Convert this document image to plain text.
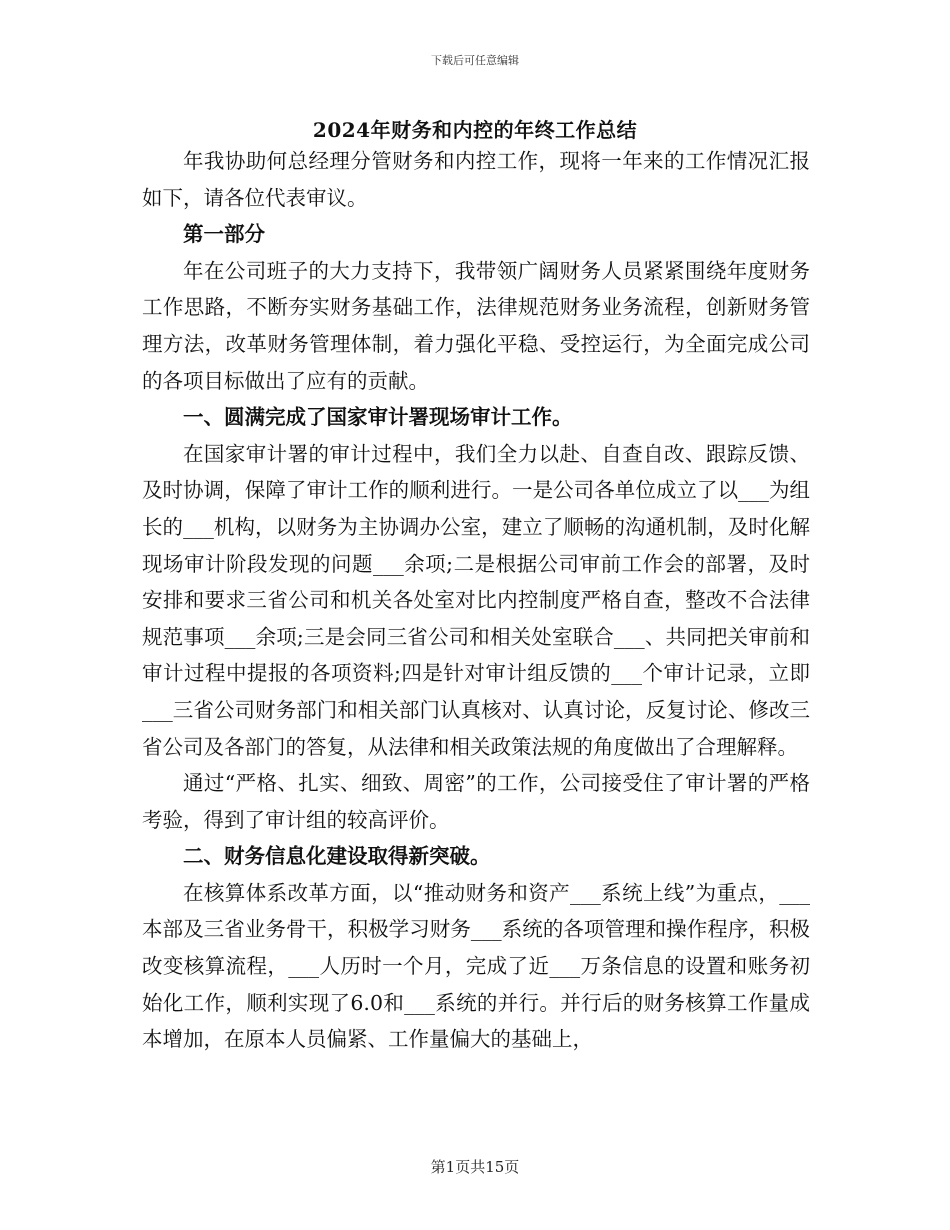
下载后可任意编辑
2024年财务和内控的年终工作总结

年我协助何总经理分管财务和内控工作，现将一年来的工作情况汇报如下，请各位代表审议。

第一部分

年在公司班子的大力支持下，我带领广阔财务人员紧紧围绕年度财务工作思路，不断夯实财务基础工作，法律规范财务业务流程，创新财务管理方法，改革财务管理体制，着力强化平稳、受控运行，为全面完成公司的各项目标做出了应有的贡献。

一、圆满完成了国家审计署现场审计工作。

在国家审计署的审计过程中，我们全力以赴、自查自改、跟踪反馈、及时协调，保障了审计工作的顺利进行。一是公司各单位成立了以___为组长的___机构，以财务为主协调办公室，建立了顺畅的沟通机制，及时化解现场审计阶段发现的问题___余项;二是根据公司审前工作会的部署，及时安排和要求三省公司和机关各处室对比内控制度严格自查，整改不合法律规范事项___余项;三是会同三省公司和相关处室联合___、共同把关审前和审计过程中提报的各项资料;四是针对审计组反馈的___个审计记录，立即___三省公司财务部门和相关部门认真核对、认真讨论，反复讨论、修改三省公司及各部门的答复，从法律和相关政策法规的角度做出了合理解释。

通过“严格、扎实、细致、周密”的工作，公司接受住了审计署的严格考验，得到了审计组的较高评价。

二、财务信息化建设取得新突破。

在核算体系改革方面，以“推动财务和资产___系统上线”为重点，___本部及三省业务骨干，积极学习财务___系统的各项管理和操作程序，积极改变核算流程，___人历时一个月，完成了近___万条信息的设置和账务初始化工作，顺利实现了6.0和___系统的并行。并行后的财务核算工作量成本增加，在原本人员偏紧、工作量偏大的基础上，

第1页共15页
